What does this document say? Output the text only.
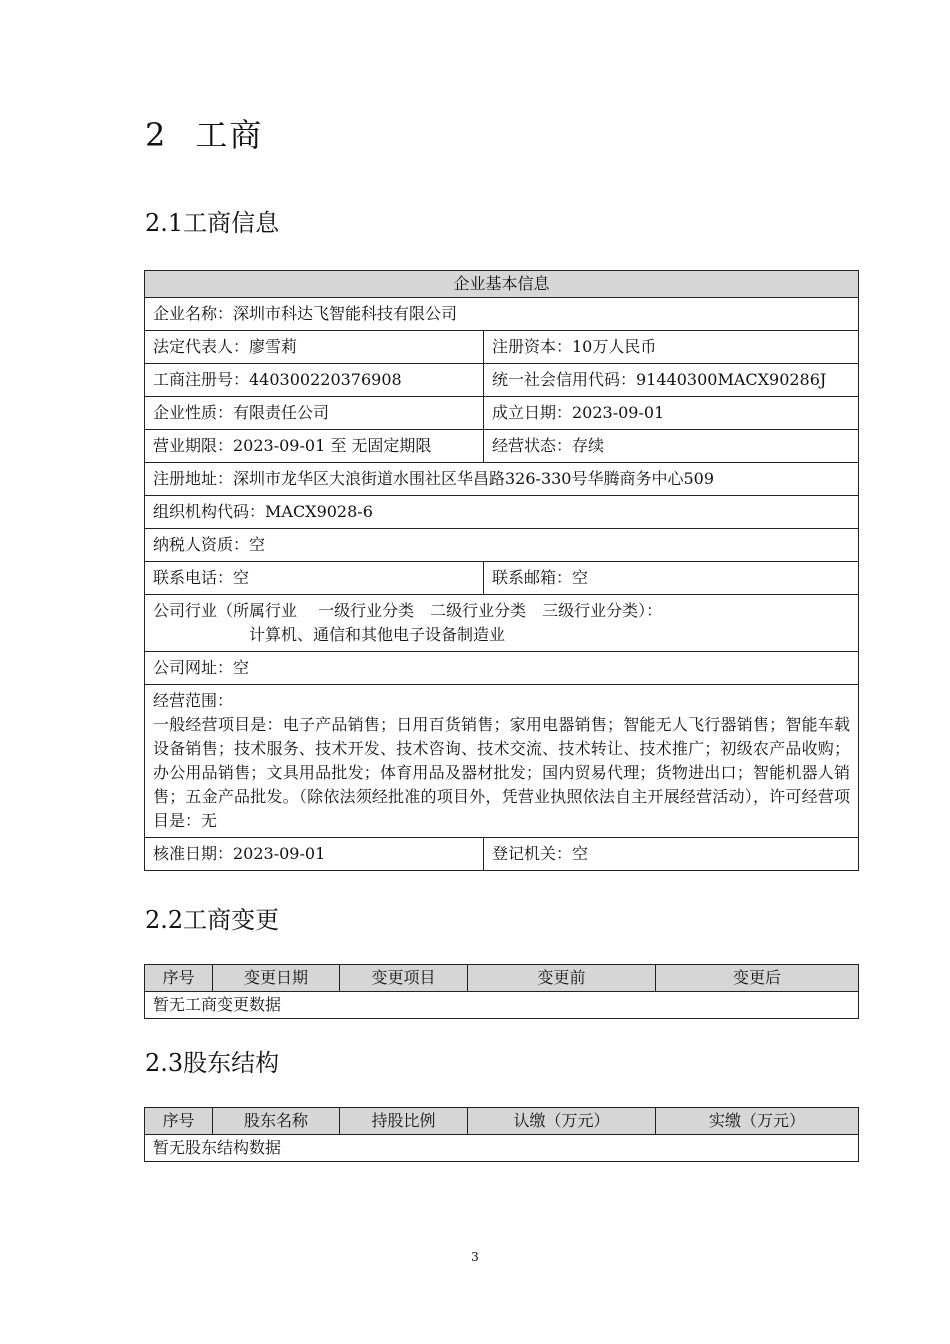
2 工商
2.1工商信息
企业基本信息	
企业名称：深圳市科达飞智能科技有限公司	
法定代表人：廖雪莉	注册资本：10万人民币
工商注册号：440300220376908	统一社会信用代码：91440300MACX90286J
企业性质：有限责任公司	成立日期：2023-09-01
营业期限：2023-09-01 至 无固定期限	经营状态：存续
注册地址：深圳市龙华区大浪街道水围社区华昌路326-330号华腾商务中心509	
组织机构代码：MACX9028-6	
纳税人资质：空	
联系电话：空	联系邮箱：空
公司行业（所属行业　 一级行业分类　二级行业分类　三级行业分类）：
计算机、通信和其他电子设备制造业	

公司网址：空	

经营范围：
一般经营项目是：电子产品销售；日用百货销售；家用电器销售；智能无人飞行器销售；智能车载设备销售；技术服务、技术开发、技术咨询、技术交流、技术转让、技术推广；初级农产品收购；办公用品销售；文具用品批发；体育用品及器材批发；国内贸易代理；货物进出口；智能机器人销售；五金产品批发。（除依法须经批准的项目外，凭营业执照依法自主开展经营活动），许可经营项目是：无	

核准日期：2023-09-01	登记机关：空
2.2工商变更
序号	变更日期	变更项目	变更前	变更后
暂无工商变更数据
2.3股东结构
序号	股东名称	持股比例	认缴（万元）	实缴（万元）
暂无股东结构数据
3
